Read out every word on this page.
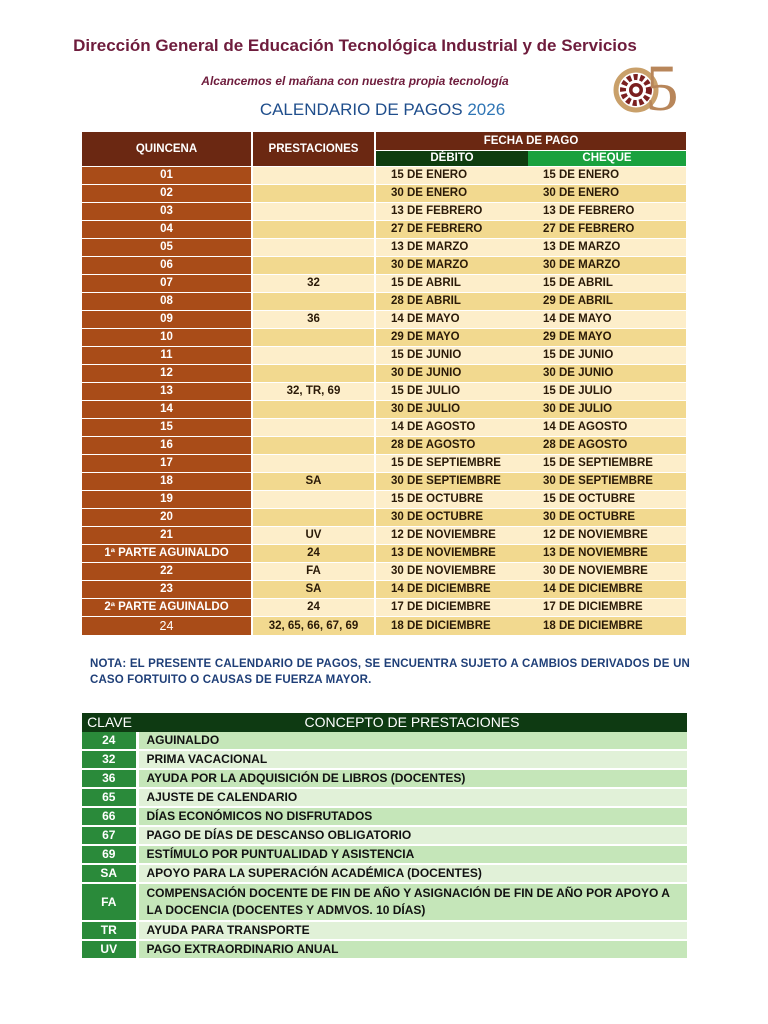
Dirección General de Educación Tecnológica Industrial y de Servicios
Alcancemos el mañana con nuestra propia tecnología
CALENDARIO DE PAGOS 2026	5
QUINCENA	PRESTACIONES	FECHA DE PAGO	
		DÉBITO	CHEQUE
01		15 DE ENERO	15 DE ENERO
02		30 DE ENERO	30 DE ENERO
03		13 DE FEBRERO	13 DE FEBRERO
04		27 DE FEBRERO	27 DE FEBRERO
05		13 DE MARZO	13 DE MARZO
06		30 DE MARZO	30 DE MARZO
07	32	15 DE ABRIL	15 DE ABRIL
08		28 DE ABRIL	29 DE ABRIL
09	36	14 DE MAYO	14 DE MAYO
10		29 DE MAYO	29 DE MAYO
11		15 DE JUNIO	15 DE JUNIO
12		30 DE JUNIO	30 DE JUNIO
13	32, TR, 69	15 DE JULIO	15 DE JULIO
14		30 DE JULIO	30 DE JULIO
15		14 DE AGOSTO	14 DE AGOSTO
16		28 DE AGOSTO	28 DE AGOSTO
17		15 DE SEPTIEMBRE	15 DE SEPTIEMBRE
18	SA	30 DE SEPTIEMBRE	30 DE SEPTIEMBRE
19		15 DE OCTUBRE	15 DE OCTUBRE
20		30 DE OCTUBRE	30 DE OCTUBRE
21	UV	12 DE NOVIEMBRE	12 DE NOVIEMBRE
1ª PARTE AGUINALDO	24	13 DE NOVIEMBRE	13 DE NOVIEMBRE
22	FA	30 DE NOVIEMBRE	30 DE NOVIEMBRE
23	SA	14 DE DICIEMBRE	14 DE DICIEMBRE
2ª PARTE AGUINALDO	24	17 DE DICIEMBRE	17 DE DICIEMBRE
24	32, 65, 66, 67, 69	18 DE DICIEMBRE	18 DE DICIEMBRE
NOTA: EL PRESENTE CALENDARIO DE PAGOS, SE ENCUENTRA SUJETO A CAMBIOS DERIVADOS DE UN CASO FORTUITO O CAUSAS DE FUERZA MAYOR.
CLAVE	CONCEPTO DE PRESTACIONES
24	AGUINALDO
32	PRIMA VACACIONAL
36	AYUDA POR LA ADQUISICIÓN DE LIBROS (DOCENTES)
65	AJUSTE DE CALENDARIO
66	DÍAS ECONÓMICOS NO DISFRUTADOS
67	PAGO DE DÍAS DE DESCANSO OBLIGATORIO
69	ESTÍMULO POR PUNTUALIDAD Y ASISTENCIA
SA	APOYO PARA LA SUPERACIÓN ACADÉMICA (DOCENTES)
FA	COMPENSACIÓN DOCENTE DE FIN DE AÑO Y ASIGNACIÓN DE FIN DE AÑO POR APOYO A LA DOCENCIA (DOCENTES Y ADMVOS. 10 DÍAS)
TR	AYUDA PARA TRANSPORTE
UV	PAGO EXTRAORDINARIO ANUAL
